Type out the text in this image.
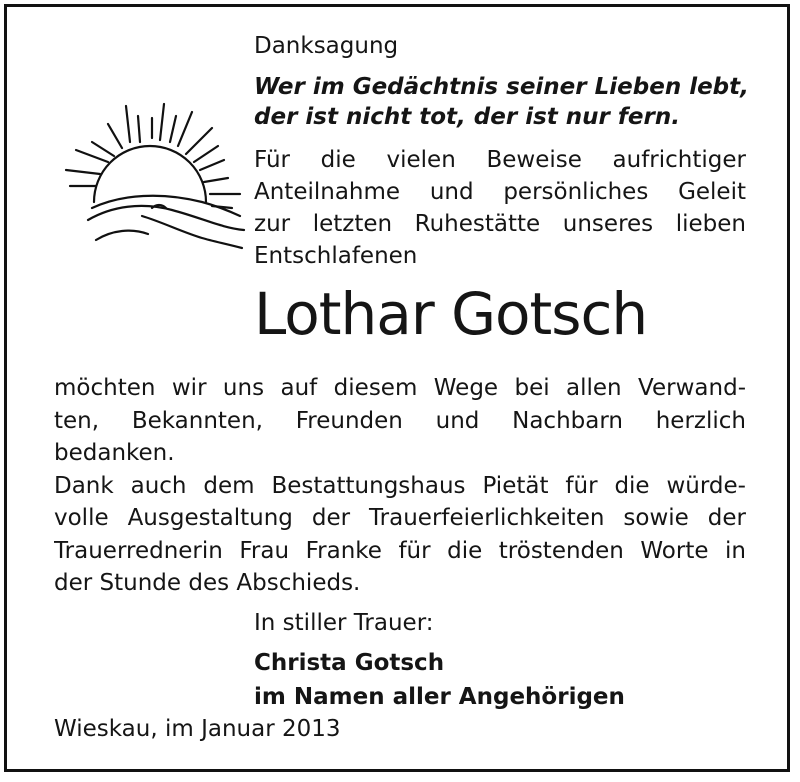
Danksagung

Wer im Gedächtnis seiner Lieben lebt,
der ist nicht tot, der ist nur fern.
Für die vielen Beweise aufrichtiger
Anteilnahme und persönliches Geleit
zur letzten Ruhestätte unseres lieben
Entschlafenen

Lothar Gotsch

möchten wir uns auf diesem Wege bei allen Verwand-
ten, Bekannten, Freunden und Nachbarn herzlich
bedanken.
Dank auch dem Bestattungshaus Pietät für die würde-
volle Ausgestaltung der Trauerfeierlichkeiten sowie der
Trauerrednerin Frau Franke für die tröstenden Worte in
der Stunde des Abschieds.

In stiller Trauer:

Christa Gotsch
im Namen aller Angehörigen

Wieskau, im Januar 2013
